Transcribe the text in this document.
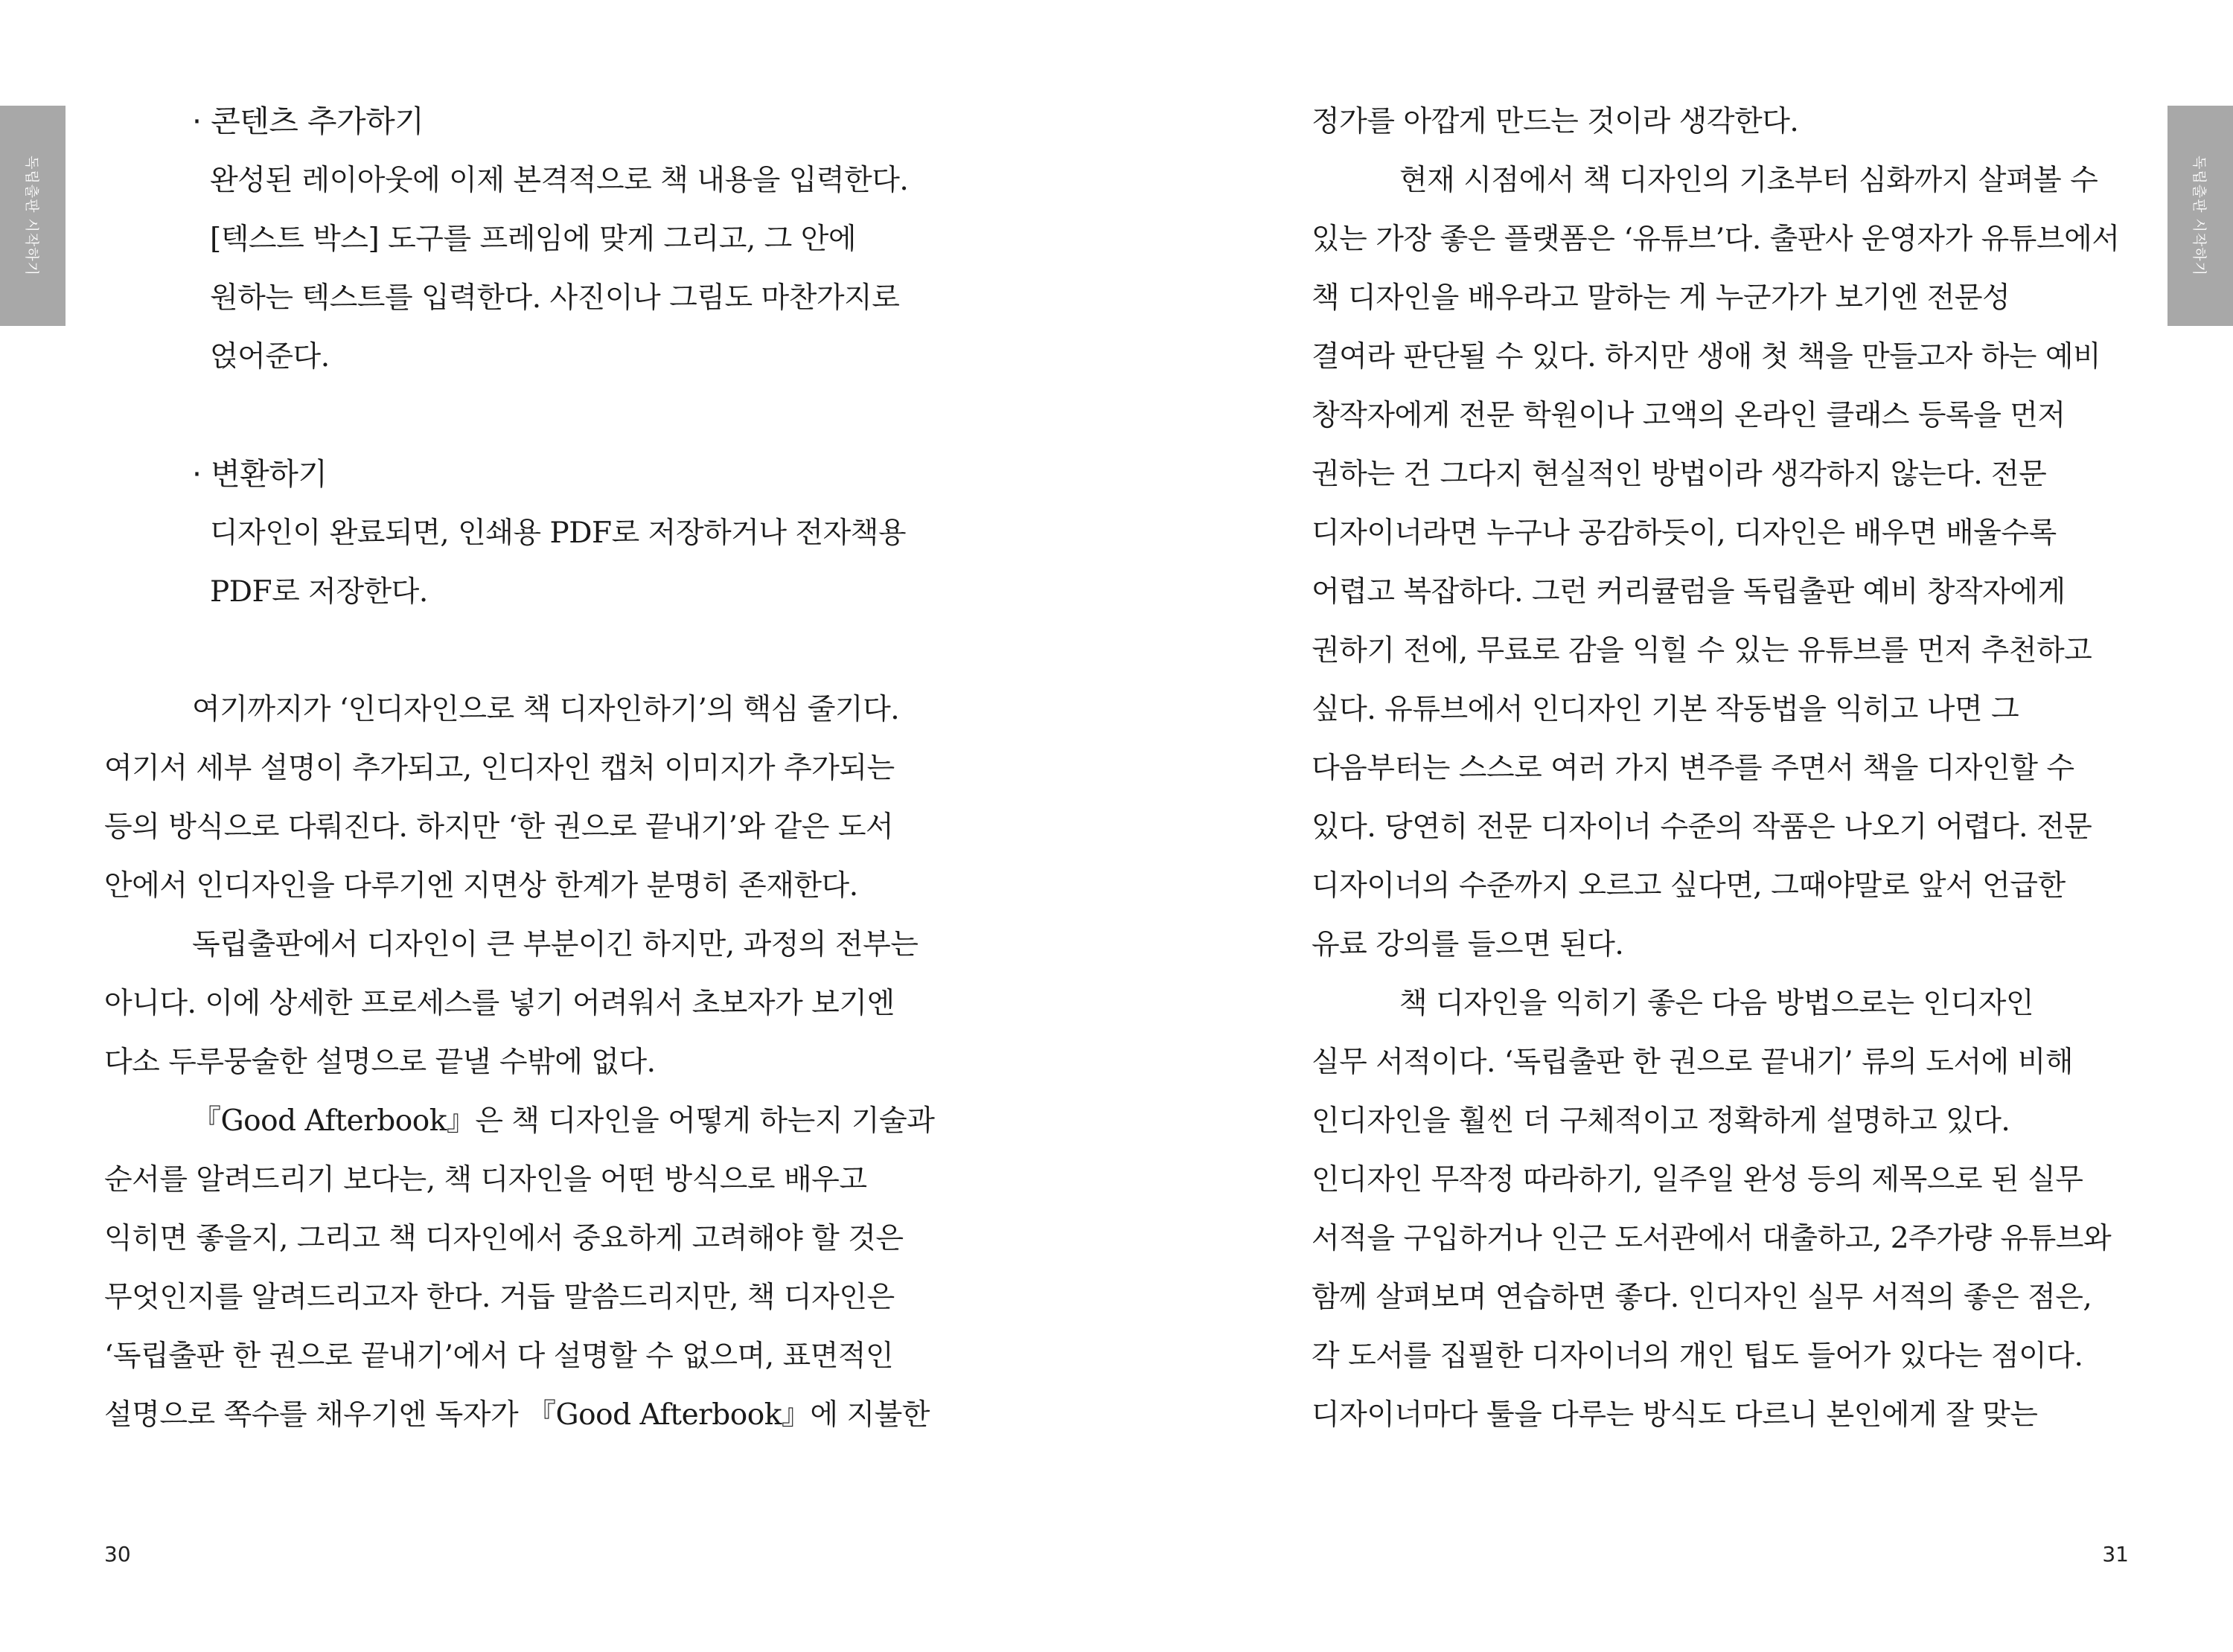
독립출판 시작하기
· 콘텐츠 추가하기
완성된 레이아웃에 이제 본격적으로 책 내용을 입력한다.
[텍스트 박스] 도구를 프레임에 맞게 그리고, 그 안에
원하는 텍스트를 입력한다. 사진이나 그림도 마찬가지로
얹어준다.
· 변환하기
디자인이 완료되면, 인쇄용 PDF로 저장하거나 전자책용
PDF로 저장한다.
여기까지가 ‘인디자인으로 책 디자인하기’의 핵심 줄기다.
여기서 세부 설명이 추가되고, 인디자인 캡처 이미지가 추가되는
등의 방식으로 다뤄진다. 하지만 ‘한 권으로 끝내기’와 같은 도서
안에서 인디자인을 다루기엔 지면상 한계가 분명히 존재한다.
독립출판에서 디자인이 큰 부분이긴 하지만, 과정의 전부는
아니다. 이에 상세한 프로세스를 넣기 어려워서 초보자가 보기엔
다소 두루뭉술한 설명으로 끝낼 수밖에 없다.
『Good Afterbook』은 책 디자인을 어떻게 하는지 기술과
순서를 알려드리기 보다는, 책 디자인을 어떤 방식으로 배우고
익히면 좋을지, 그리고 책 디자인에서 중요하게 고려해야 할 것은
무엇인지를 알려드리고자 한다. 거듭 말씀드리지만, 책 디자인은
‘독립출판 한 권으로 끝내기’에서 다 설명할 수 없으며, 표면적인
설명으로 쪽수를 채우기엔 독자가 『Good Afterbook』에 지불한
30
독립출판 시작하기
정가를 아깝게 만드는 것이라 생각한다.
현재 시점에서 책 디자인의 기초부터 심화까지 살펴볼 수
있는 가장 좋은 플랫폼은 ‘유튜브’다. 출판사 운영자가 유튜브에서
책 디자인을 배우라고 말하는 게 누군가가 보기엔 전문성
결여라 판단될 수 있다. 하지만 생애 첫 책을 만들고자 하는 예비
창작자에게 전문 학원이나 고액의 온라인 클래스 등록을 먼저
권하는 건 그다지 현실적인 방법이라 생각하지 않는다. 전문
디자이너라면 누구나 공감하듯이, 디자인은 배우면 배울수록
어렵고 복잡하다. 그런 커리큘럼을 독립출판 예비 창작자에게
권하기 전에, 무료로 감을 익힐 수 있는 유튜브를 먼저 추천하고
싶다. 유튜브에서 인디자인 기본 작동법을 익히고 나면 그
다음부터는 스스로 여러 가지 변주를 주면서 책을 디자인할 수
있다. 당연히 전문 디자이너 수준의 작품은 나오기 어렵다. 전문
디자이너의 수준까지 오르고 싶다면, 그때야말로 앞서 언급한
유료 강의를 들으면 된다.
책 디자인을 익히기 좋은 다음 방법으로는 인디자인
실무 서적이다. ‘독립출판 한 권으로 끝내기’ 류의 도서에 비해
인디자인을 훨씬 더 구체적이고 정확하게 설명하고 있다.
인디자인 무작정 따라하기, 일주일 완성 등의 제목으로 된 실무
서적을 구입하거나 인근 도서관에서 대출하고, 2주가량 유튜브와
함께 살펴보며 연습하면 좋다. 인디자인 실무 서적의 좋은 점은,
각 도서를 집필한 디자이너의 개인 팁도 들어가 있다는 점이다.
디자이너마다 툴을 다루는 방식도 다르니 본인에게 잘 맞는
31
